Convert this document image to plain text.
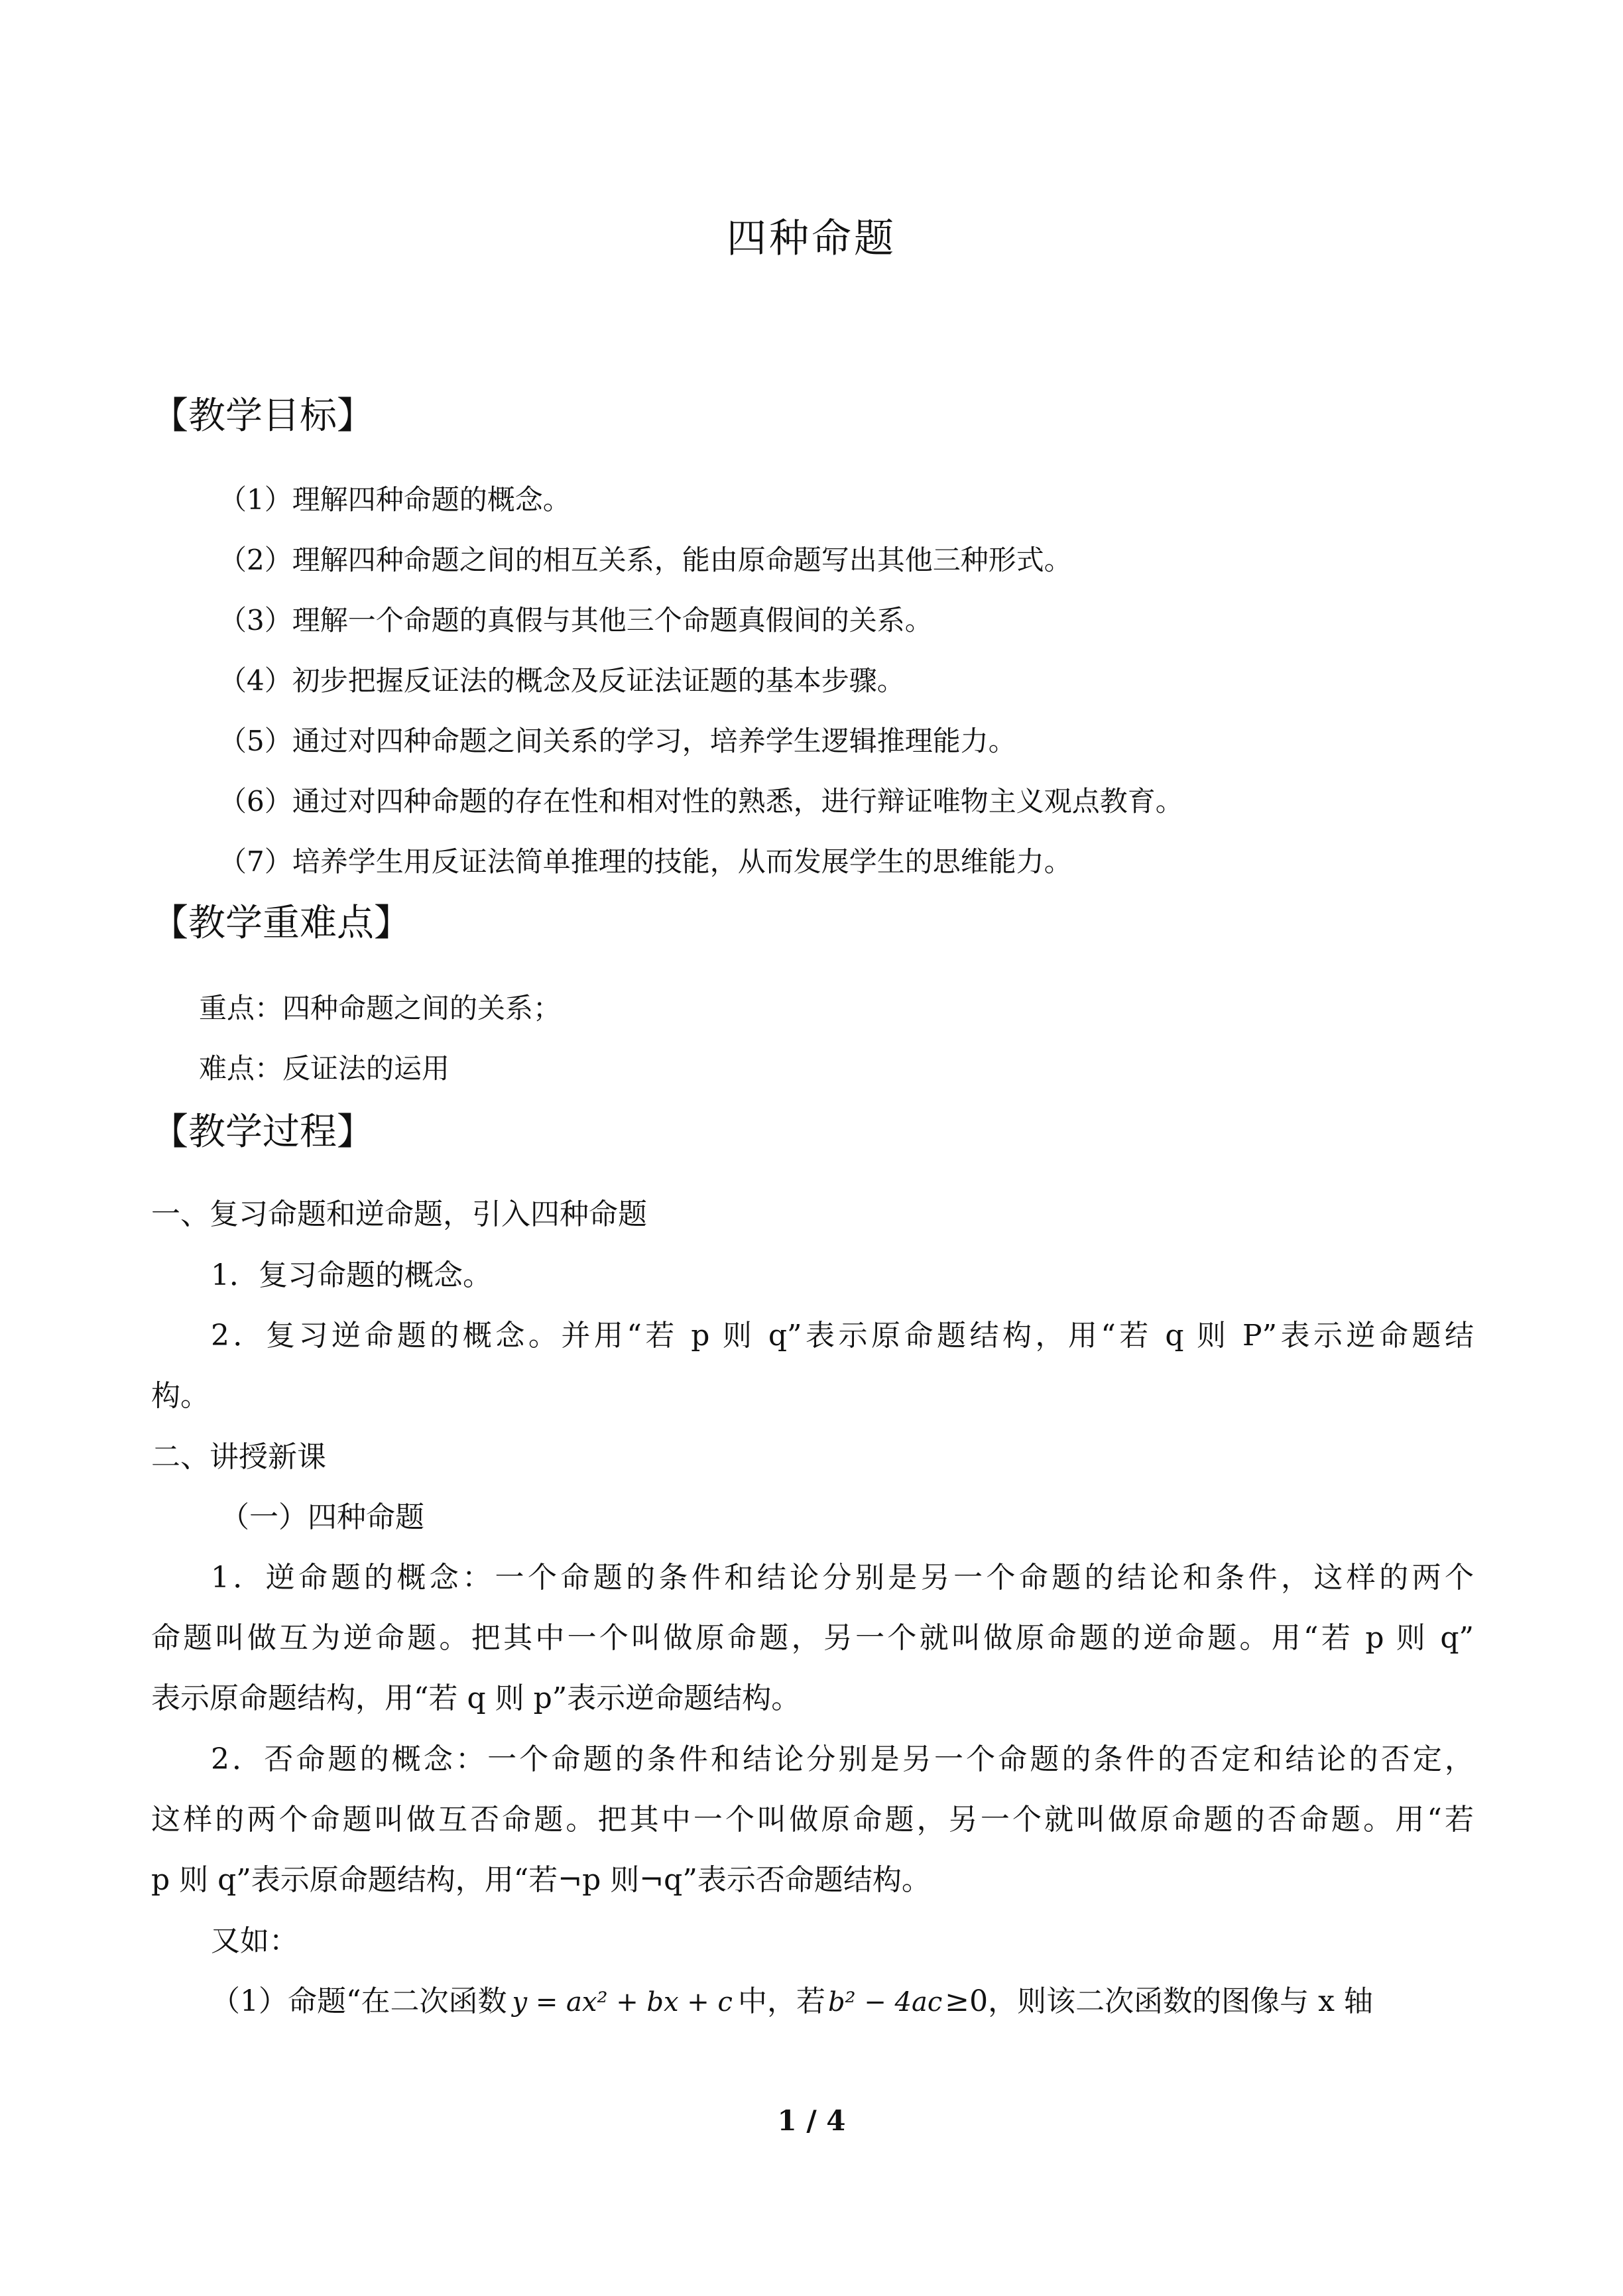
四种命题
【教学目标】
（1）理解四种命题的概念。
（2）理解四种命题之间的相互关系，能由原命题写出其他三种形式。
（3）理解一个命题的真假与其他三个命题真假间的关系。
（4）初步把握反证法的概念及反证法证题的基本步骤。
（5）通过对四种命题之间关系的学习，培养学生逻辑推理能力。
（6）通过对四种命题的存在性和相对性的熟悉，进行辩证唯物主义观点教育。
（7）培养学生用反证法简单推理的技能，从而发展学生的思维能力。
【教学重难点】
重点：四种命题之间的关系；
难点：反证法的运用
【教学过程】
一、复习命题和逆命题，引入四种命题
1．复习命题的概念。
2．复习逆命题的概念。并用“若 p 则 q”表示原命题结构，用“若 q 则 P”表示逆命题结
构。
二、讲授新课
（一）四种命题
1．逆命题的概念：一个命题的条件和结论分别是另一个命题的结论和条件，这样的两个
命题叫做互为逆命题。把其中一个叫做原命题，另一个就叫做原命题的逆命题。用“若 p 则 q”
表示原命题结构，用“若 q 则 p”表示逆命题结构。
2．否命题的概念：一个命题的条件和结论分别是另一个命题的条件的否定和结论的否定，
这样的两个命题叫做互否命题。把其中一个叫做原命题，另一个就叫做原命题的否命题。用“若
p 则 q”表示原命题结构，用“若¬p 则¬q”表示否命题结构。
又如：
（1）命题“在二次函数 y = ax² + bx + c 中，若 b² − 4ac≥0，则该二次函数的图像与 x 轴
1 / 4
